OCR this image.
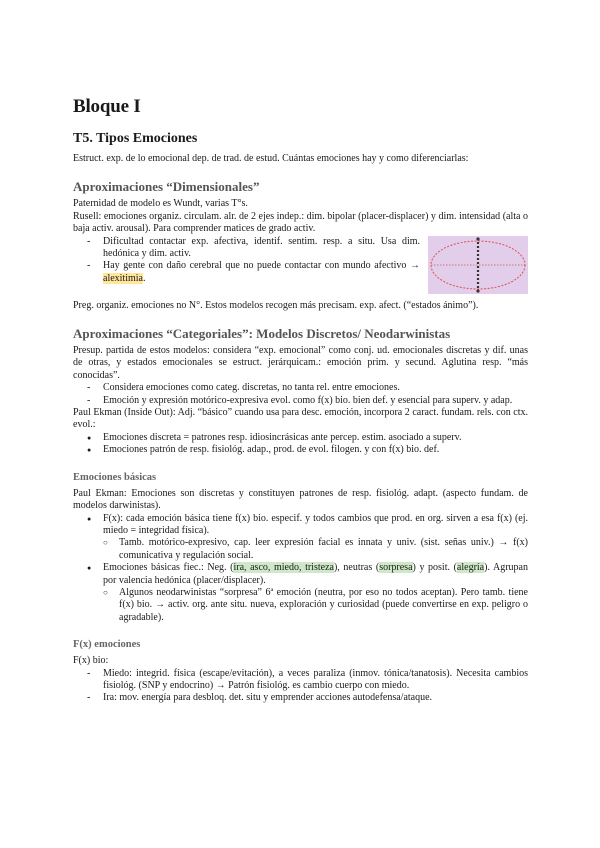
Bloque I
T5. Tipos Emociones

Estruct. exp. de lo emocional dep. de trad. de estud. Cuántas emociones hay y como diferenciarlas:

Aproximaciones “Dimensionales”

Paternidad de modelo es Wundt, varias T°s.

Rusell: emociones organiz. circulam. alr. de 2 ejes indep.: dim. bipolar (placer-displacer) y dim. intensidad (alta o baja activ. arousal). Para comprender matices de grado activ.

- Dificultad contactar exp. afectiva, identif. sentim. resp. a situ. Usa dim. hedónica y dim. activ.
- Hay gente con daño cerebral que no puede contactar con mundo afectivo → alexitimia.

Preg. organiz. emociones no N°. Estos modelos recogen más precisam. exp. afect. (“estados ánimo”).

Aproximaciones “Categoriales”: Modelos Discretos/ Neodarwinistas

Presup. partida de estos modelos: considera “exp. emocional” como conj. ud. emocionales discretas y dif. unas de otras, y estados emocionales se estruct. jerárquicam.: emoción prim. y secund. Aglutina resp. “más conocidas”.

- Considera emociones como categ. discretas, no tanta rel. entre emociones.
- Emoción y expresión motórico-expresiva evol. como f(x) bio. bien def. y esencial para superv. y adap.

Paul Ekman (Inside Out): Adj. “básico” cuando usa para desc. emoción, incorpora 2 caract. fundam. rels. con ctx. evol.:

● Emociones discreta = patrones resp. idiosincrásicas ante percep. estim. asociado a superv.
● Emociones patrón de resp. fisiológ. adap., prod. de evol. filogen. y con f(x) bio. def.
Emociones básicas

Paul Ekman: Emociones son discretas y constituyen patrones de resp. fisiológ. adapt. (aspecto fundam. de modelos darwinistas).

● F(x): cada emoción básica tiene f(x) bio. especif. y todos cambios que prod. en org. sirven a esa f(x) (ej. miedo = integridad física).
○ Tamb. motórico-expresivo, cap. leer expresión facial es innata y univ. (sist. señas univ.) → f(x) comunicativa y regulación social.
● Emociones básicas fiec.: Neg. (ira, asco, miedo, tristeza), neutras (sorpresa) y posit. (alegría). Agrupan por valencia hedónica (placer/displacer).
○ Algunos neodarwinistas “sorpresa” 6ª emoción (neutra, por eso no todos aceptan). Pero tamb. tiene f(x) bio. → activ. org. ante situ. nueva, exploración y curiosidad (puede convertirse en exp. peligro o agradable).
F(x) emociones

F(x) bio:

- Miedo: integrid. física (escape/evitación), a veces paraliza (inmov. tónica/tanatosis). Necesita cambios fisiológ. (SNP y endocrino) → Patrón fisiológ. es cambio cuerpo con miedo.
- Ira: mov. energía para desbloq. det. situ y emprender acciones autodefensa/ataque.
